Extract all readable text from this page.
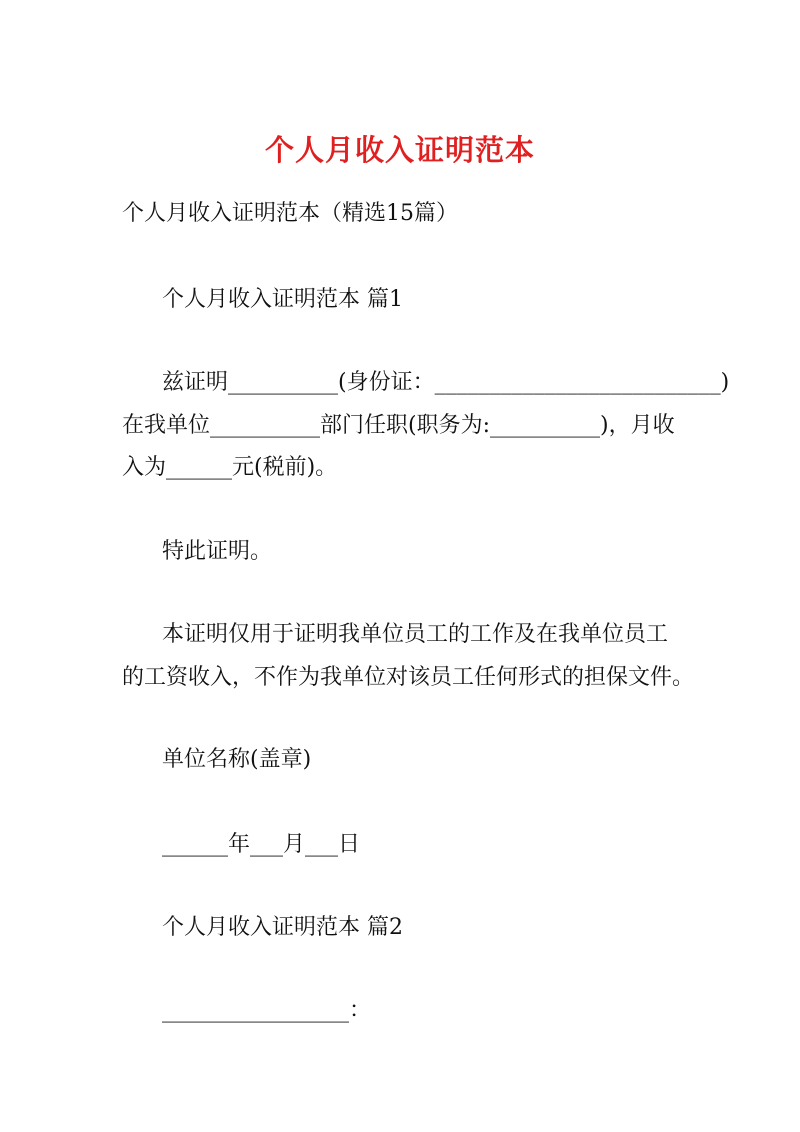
个人月收入证明范本
个人月收入证明范本（精选15篇）
个人月收入证明范本 篇1
兹证明__________(身份证：__________________________)
在我单位__________部门任职(职务为:__________)，月收
入为______元(税前)。
特此证明。
本证明仅用于证明我单位员工的工作及在我单位员工
的工资收入，不作为我单位对该员工任何形式的担保文件。
单位名称(盖章)
______年___月___日
个人月收入证明范本 篇2
_________________：
